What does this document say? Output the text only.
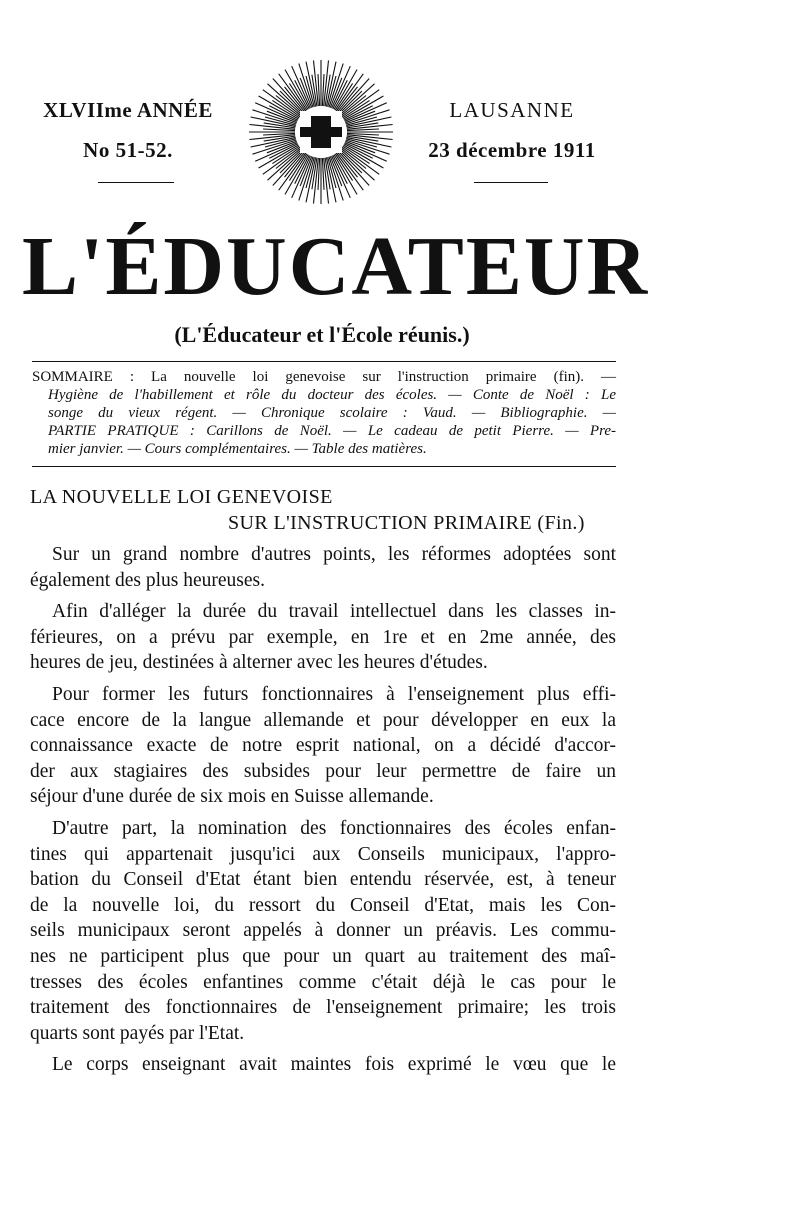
XLVIIme ANNÉE
No 51-52.
LAUSANNE
23 décembre 1911
L'ÉDUCATEUR
(L'Éducateur et l'École réunis.)
SOMMAIRE : La nouvelle loi genevoise sur l'instruction primaire (fin). —
Hygiène de l'habillement et rôle du docteur des écoles. — Conte de Noël : Le
songe du vieux régent. — Chronique scolaire : Vaud. — Bibliographie. —
PARTIE PRATIQUE : Carillons de Noël. — Le cadeau de petit Pierre. — Pre-
mier janvier. — Cours complémentaires. — Table des matières.
LA NOUVELLE LOI GENEVOISE
SUR L'INSTRUCTION PRIMAIRE (Fin.)
Sur un grand nombre d'autres points, les réformes adoptées sont
également des plus heureuses.
Afin d'alléger la durée du travail intellectuel dans les classes in-
férieures, on a prévu par exemple, en 1re et en 2me année, des
heures de jeu, destinées à alterner avec les heures d'études.
Pour former les futurs fonctionnaires à l'enseignement plus effi-
cace encore de la langue allemande et pour développer en eux la
connaissance exacte de notre esprit national, on a décidé d'accor-
der aux stagiaires des subsides pour leur permettre de faire un
séjour d'une durée de six mois en Suisse allemande.
D'autre part, la nomination des fonctionnaires des écoles enfan-
tines qui appartenait jusqu'ici aux Conseils municipaux, l'appro-
bation du Conseil d'Etat étant bien entendu réservée, est, à teneur
de la nouvelle loi, du ressort du Conseil d'Etat, mais les Con-
seils municipaux seront appelés à donner un préavis. Les commu-
nes ne participent plus que pour un quart au traitement des maî-
tresses des écoles enfantines comme c'était déjà le cas pour le
traitement des fonctionnaires de l'enseignement primaire; les trois
quarts sont payés par l'Etat.
Le corps enseignant avait maintes fois exprimé le vœu que le
